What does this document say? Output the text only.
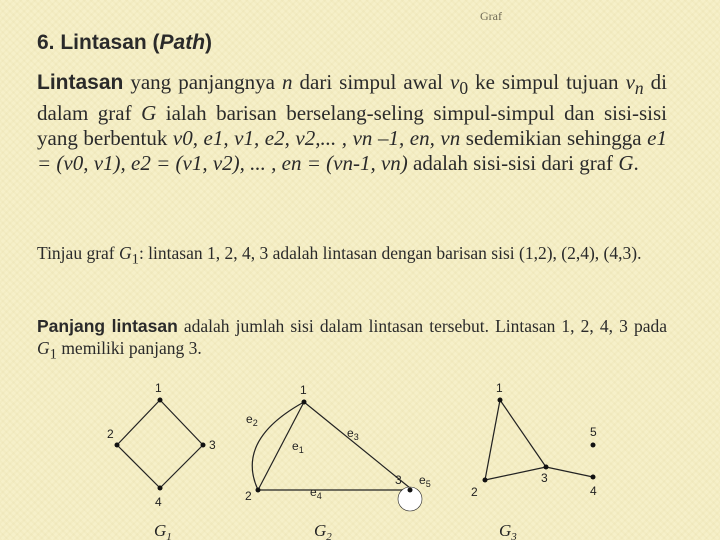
Graf
6. Lintasan (Path)
Lintasan yang panjangnya n dari simpul awal $v_0$ ke simpul tujuan $v_n$ di dalam graf G ialah barisan berselang-seling simpul-simpul dan sisi-sisi yang berbentuk v0, e1, v1, e2, v2,... , vn –1, en, vn sedemikian sehingga e1 = (v0, v1), e2 = (v1, v2), ... , en = (vn-1, vn) adalah sisi-sisi dari graf G.
Tinjau graf $G_1$: lintasan 1, 2, 4, 3 adalah lintasan dengan barisan sisi (1,2), (2,4), (4,3).
Panjang lintasan adalah jumlah sisi dalam lintasan tersebut. Lintasan 1, 2, 4, 3 pada $G_1$ memiliki panjang 3.
1
2
3
4
$G_1$
1
2
3
$e_1$
$e_2$
$e_3$
$e_4$
$e_5$
$G_2$
1
2
3
4
5
$G_3$
